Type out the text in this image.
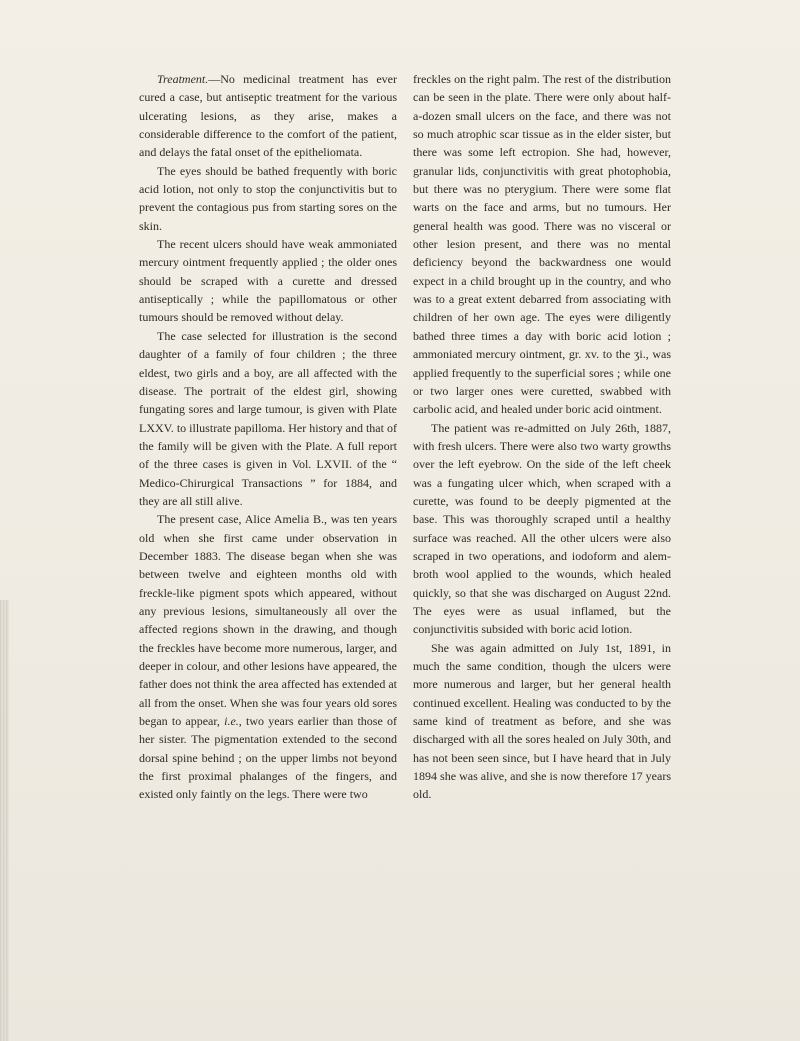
Treatment.—No medicinal treatment has ever cured a case, but antiseptic treatment for the various ulcerating lesions, as they arise, makes a considerable difference to the comfort of the patient, and delays the fatal onset of the epitheliomata.

The eyes should be bathed frequently with boric acid lotion, not only to stop the conjunctivitis but to prevent the contagious pus from starting sores on the skin.

The recent ulcers should have weak ammoniated mercury ointment frequently applied ; the older ones should be scraped with a curette and dressed antiseptically ; while the papillomatous or other tumours should be removed without delay.

The case selected for illustration is the second daughter of a family of four children ; the three eldest, two girls and a boy, are all affected with the disease. The portrait of the eldest girl, showing fungating sores and large tumour, is given with Plate LXXV. to illustrate papilloma. Her history and that of the family will be given with the Plate. A full report of the three cases is given in Vol. LXVII. of the “ Medico-Chirurgical Transactions ” for 1884, and they are all still alive.

The present case, Alice Amelia B., was ten years old when she first came under observation in December 1883. The disease began when she was between twelve and eighteen months old with freckle-like pigment spots which appeared, without any previous lesions, simultaneously all over the affected regions shown in the drawing, and though the freckles have become more numerous, larger, and deeper in colour, and other lesions have appeared, the father does not think the area affected has extended at all from the onset. When she was four years old sores began to appear, i.e., two years earlier than those of her sister. The pigmentation extended to the second dorsal spine behind ; on the upper limbs not beyond the first proximal phalanges of the fingers, and existed only faintly on the legs. There were two

freckles on the right palm. The rest of the distribution can be seen in the plate. There were only about half-a-dozen small ulcers on the face, and there was not so much atrophic scar tissue as in the elder sister, but there was some left ectropion. She had, however, granular lids, conjunctivitis with great photophobia, but there was no pterygium. There were some flat warts on the face and arms, but no tumours. Her general health was good. There was no visceral or other lesion present, and there was no mental deficiency beyond the backwardness one would expect in a child brought up in the country, and who was to a great extent debarred from associating with children of her own age. The eyes were diligently bathed three times a day with boric acid lotion ; ammoniated mercury ointment, gr. xv. to the ʒi., was applied frequently to the superficial sores ; while one or two larger ones were curetted, swabbed with carbolic acid, and healed under boric acid ointment.

The patient was re-admitted on July 26th, 1887, with fresh ulcers. There were also two warty growths over the left eyebrow. On the side of the left cheek was a fungating ulcer which, when scraped with a curette, was found to be deeply pigmented at the base. This was thoroughly scraped until a healthy surface was reached. All the other ulcers were also scraped in two operations, and iodoform and alem-broth wool applied to the wounds, which healed quickly, so that she was discharged on August 22nd. The eyes were as usual inflamed, but the conjunctivitis subsided with boric acid lotion.

She was again admitted on July 1st, 1891, in much the same condition, though the ulcers were more numerous and larger, but her general health continued excellent. Healing was conducted to by the same kind of treatment as before, and she was discharged with all the sores healed on July 30th, and has not been seen since, but I have heard that in July 1894 she was alive, and she is now therefore 17 years old.
